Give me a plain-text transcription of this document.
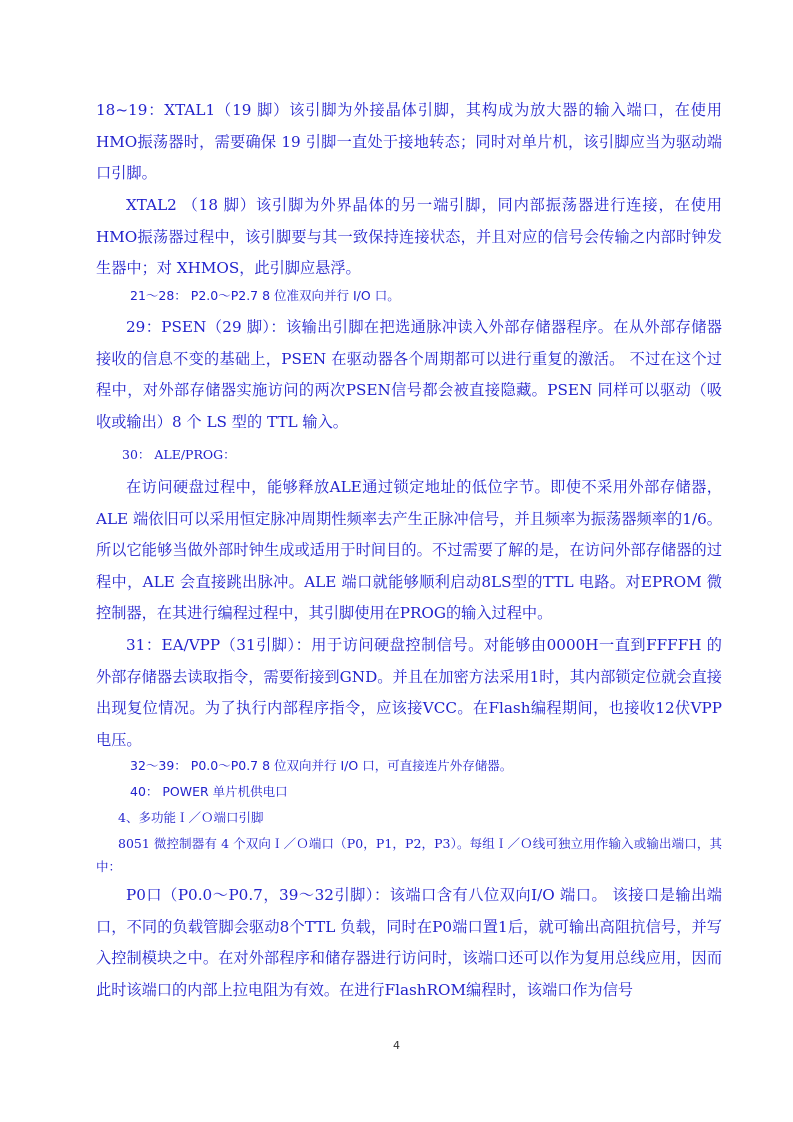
18~19：XTAL1（19 脚）该引脚为外接晶体引脚，其构成为放大器的输入端口，在使用HMO振荡器时，需要确保 19 引脚一直处于接地转态；同时对单片机，该引脚应当为驱动端口引脚。

XTAL2 （18 脚）该引脚为外界晶体的另一端引脚，同内部振荡器进行连接，在使用HMO振荡器过程中，该引脚要与其一致保持连接状态，并且对应的信号会传输之内部时钟发生器中；对 XHMOS，此引脚应悬浮。

21～28： P2.0～P2.7 8 位准双向并行 I/O 口。

29：PSEN（29 脚）：该输出引脚在把选通脉冲读入外部存储器程序。在从外部存储器接收的信息不变的基础上，PSEN 在驱动器各个周期都可以进行重复的激活。 不过在这个过程中，对外部存储器实施访问的两次PSEN信号都会被直接隐藏。PSEN 同样可以驱动（吸收或输出）8 个 LS 型的 TTL 输入。

30： ALE/PROG：

在访问硬盘过程中，能够释放ALE通过锁定地址的低位字节。即使不采用外部存储器，ALE 端依旧可以采用恒定脉冲周期性频率去产生正脉冲信号，并且频率为振荡器频率的1/6。所以它能够当做外部时钟生成或适用于时间目的。不过需要了解的是，在访问外部存储器的过程中，ALE 会直接跳出脉冲。ALE 端口就能够顺利启动8LS型的TTL 电路。对EPROM 微控制器，在其进行编程过程中，其引脚使用在PROG的输入过程中。

31：EA/VPP（31引脚）：用于访问硬盘控制信号。对能够由0000H一直到FFFFH 的外部存储器去读取指令，需要衔接到GND。并且在加密方法采用1时，其内部锁定位就会直接出现复位情况。为了执行内部程序指令，应该接VCC。在Flash编程期间，也接收12伏VPP电压。

32～39： P0.0～P0.7 8 位双向并行 I/O 口，可直接连片外存储器。

40： POWER 单片机供电口

4、多功能Ｉ／Ｏ端口引脚

8051 微控制器有 4 个双向Ｉ／Ｏ端口（P0，P1，P2，P3）。每组Ｉ／Ｏ线可独立用作输入或输出端口，其中：

P0口（P0.0～P0.7，39～32引脚）：该端口含有八位双向I/O 端口。 该接口是输出端口，不同的负载管脚会驱动8个TTL 负载，同时在P0端口置1后，就可输出高阻抗信号，并写入控制模块之中。在对外部程序和储存器进行访问时，该端口还可以作为复用总线应用，因而此时该端口的内部上拉电阻为有效。在进行FlashROM编程时，该端口作为信号

4
